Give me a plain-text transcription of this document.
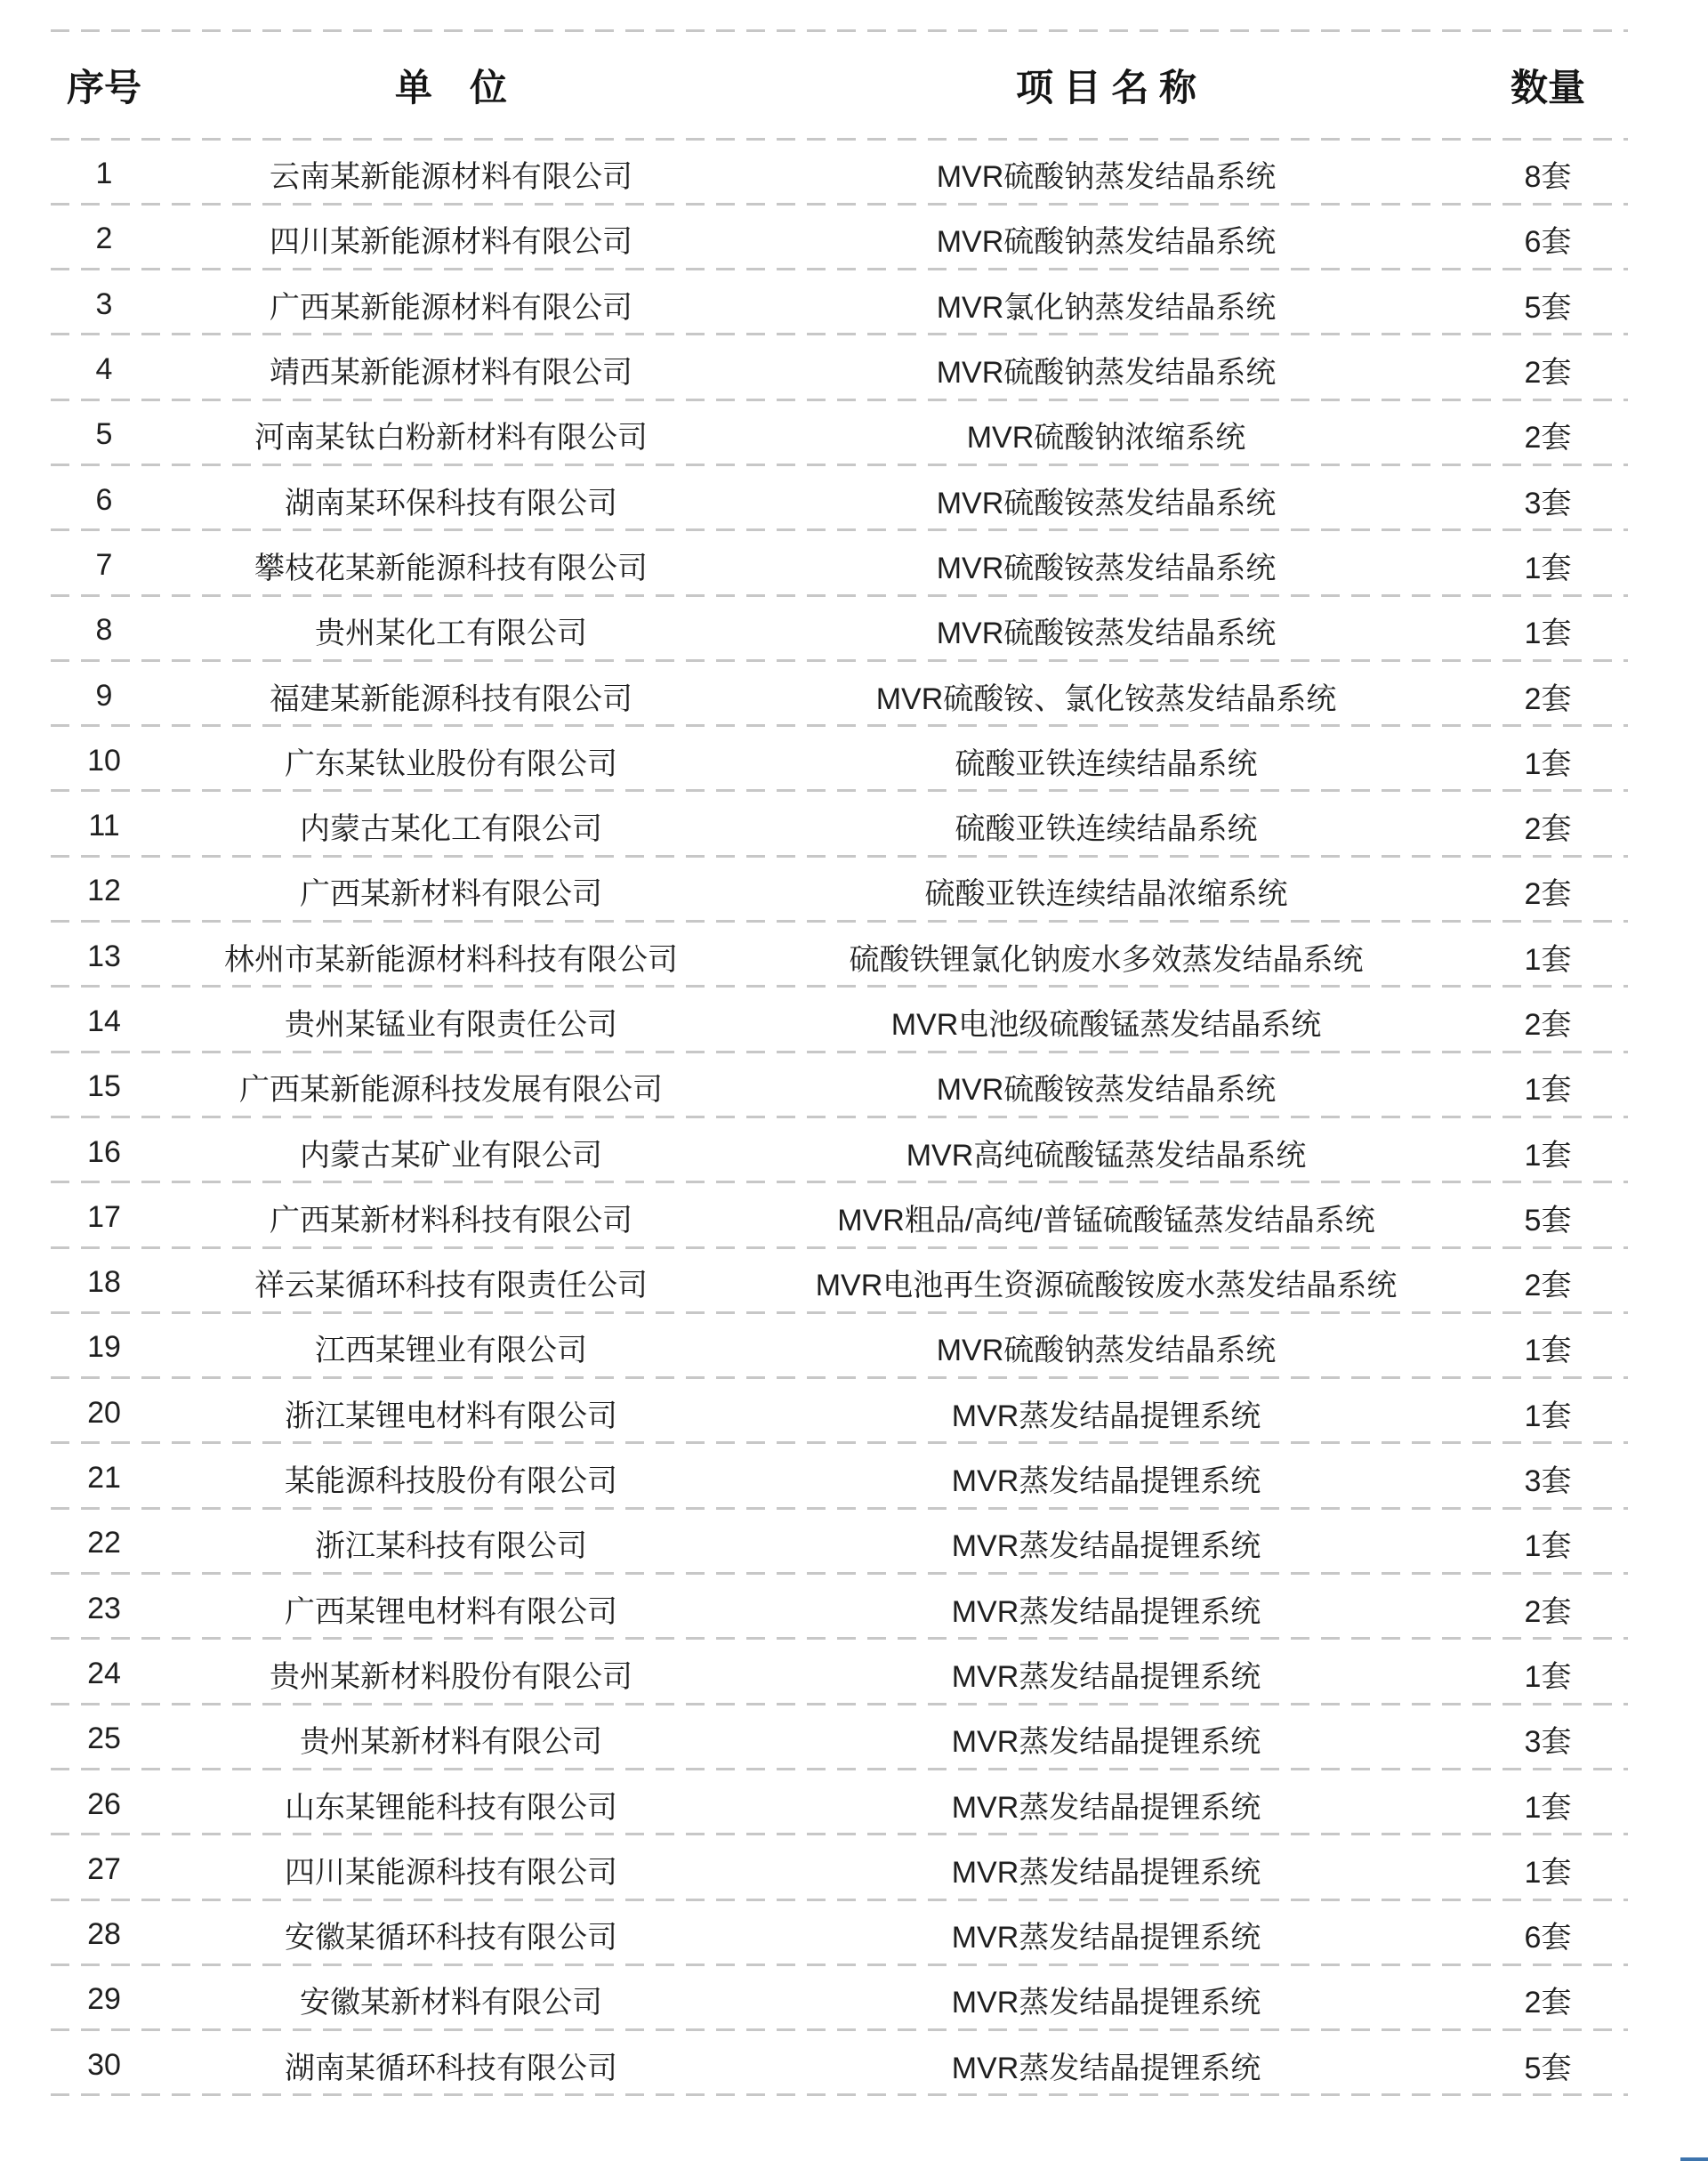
序号	单　位	项 目 名 称	数量
1	云南某新能源材料有限公司	MVR硫酸钠蒸发结晶系统	8套
2	四川某新能源材料有限公司	MVR硫酸钠蒸发结晶系统	6套
3	广西某新能源材料有限公司	MVR氯化钠蒸发结晶系统	5套
4	靖西某新能源材料有限公司	MVR硫酸钠蒸发结晶系统	2套
5	河南某钛白粉新材料有限公司	MVR硫酸钠浓缩系统	2套
6	湖南某环保科技有限公司	MVR硫酸铵蒸发结晶系统	3套
7	攀枝花某新能源科技有限公司	MVR硫酸铵蒸发结晶系统	1套
8	贵州某化工有限公司	MVR硫酸铵蒸发结晶系统	1套
9	福建某新能源科技有限公司	MVR硫酸铵、氯化铵蒸发结晶系统	2套
10	广东某钛业股份有限公司	硫酸亚铁连续结晶系统	1套
11	内蒙古某化工有限公司	硫酸亚铁连续结晶系统	2套
12	广西某新材料有限公司	硫酸亚铁连续结晶浓缩系统	2套
13	林州市某新能源材料科技有限公司	硫酸铁锂氯化钠废水多效蒸发结晶系统	1套
14	贵州某锰业有限责任公司	MVR电池级硫酸锰蒸发结晶系统	2套
15	广西某新能源科技发展有限公司	MVR硫酸铵蒸发结晶系统	1套
16	内蒙古某矿业有限公司	MVR高纯硫酸锰蒸发结晶系统	1套
17	广西某新材料科技有限公司	MVR粗品/高纯/普锰硫酸锰蒸发结晶系统	5套
18	祥云某循环科技有限责任公司	MVR电池再生资源硫酸铵废水蒸发结晶系统	2套
19	江西某锂业有限公司	MVR硫酸钠蒸发结晶系统	1套
20	浙江某锂电材料有限公司	MVR蒸发结晶提锂系统	1套
21	某能源科技股份有限公司	MVR蒸发结晶提锂系统	3套
22	浙江某科技有限公司	MVR蒸发结晶提锂系统	1套
23	广西某锂电材料有限公司	MVR蒸发结晶提锂系统	2套
24	贵州某新材料股份有限公司	MVR蒸发结晶提锂系统	1套
25	贵州某新材料有限公司	MVR蒸发结晶提锂系统	3套
26	山东某锂能科技有限公司	MVR蒸发结晶提锂系统	1套
27	四川某能源科技有限公司	MVR蒸发结晶提锂系统	1套
28	安徽某循环科技有限公司	MVR蒸发结晶提锂系统	6套
29	安徽某新材料有限公司	MVR蒸发结晶提锂系统	2套
30	湖南某循环科技有限公司	MVR蒸发结晶提锂系统	5套
